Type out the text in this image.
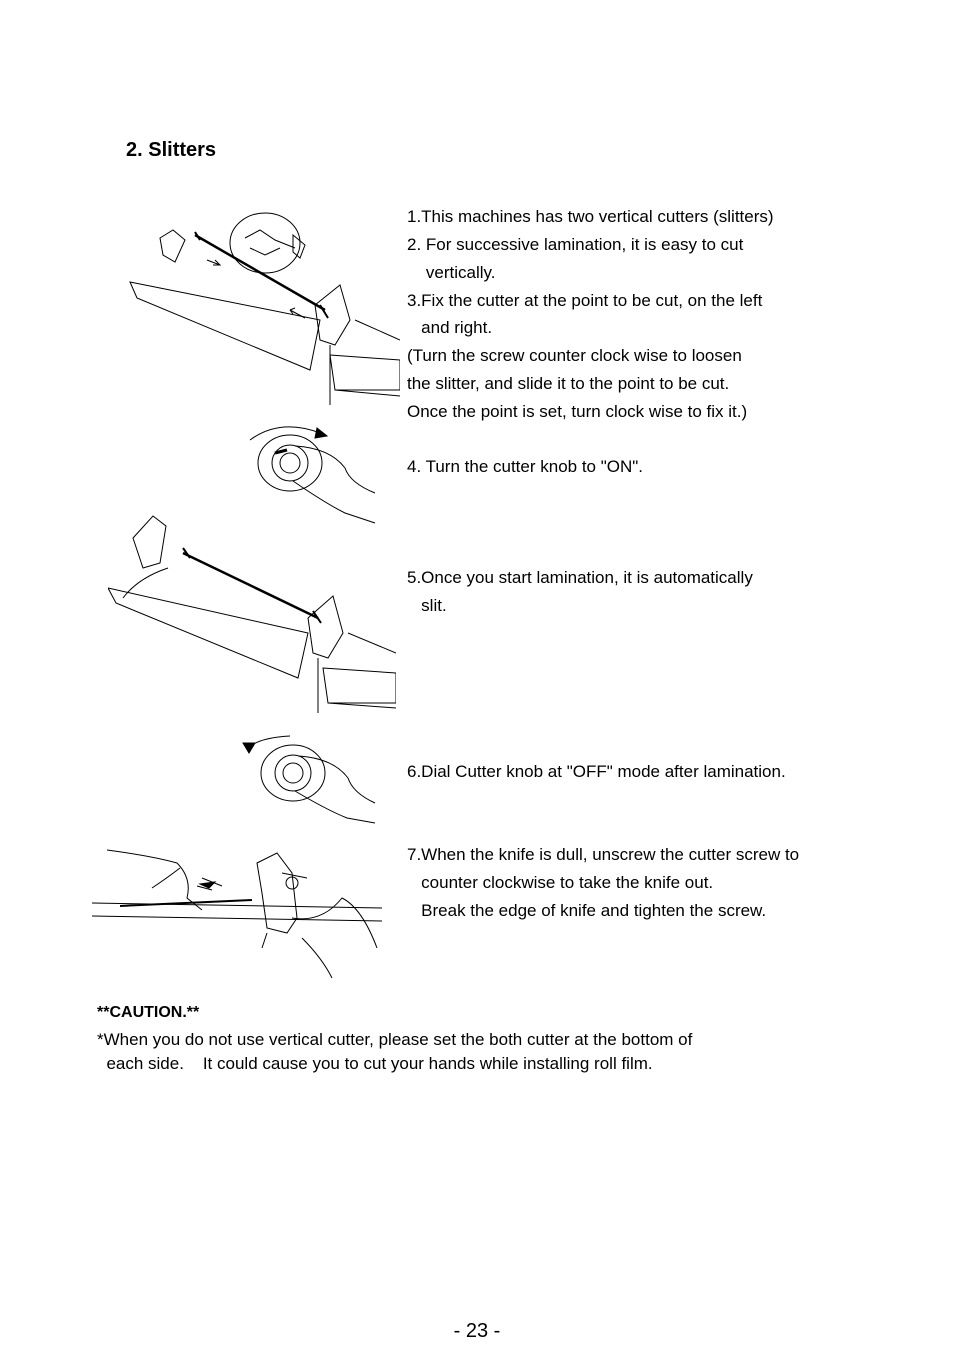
2. Slitters
1.This machines has two vertical cutters (slitters)
2. For successive lamination, it is easy to cut
vertically.
3.Fix the cutter at the point to be cut, on the left
and right.
(Turn the screw counter clock wise to loosen
the slitter, and slide it to the point to be cut.
Once the point is set, turn clock wise to fix it.)
4. Turn the cutter knob to "ON".
5.Once you start lamination, it is automatically
slit.
6.Dial Cutter knob at "OFF" mode after lamination.
7.When the knife is dull, unscrew the cutter screw to
counter clockwise to take the knife out.
Break the edge of knife and tighten the screw.
**CAUTION.**
*When you do not use vertical cutter, please set the both cutter at the bottom of
each side.    It could cause you to cut your hands while installing roll film.
- 23 -
